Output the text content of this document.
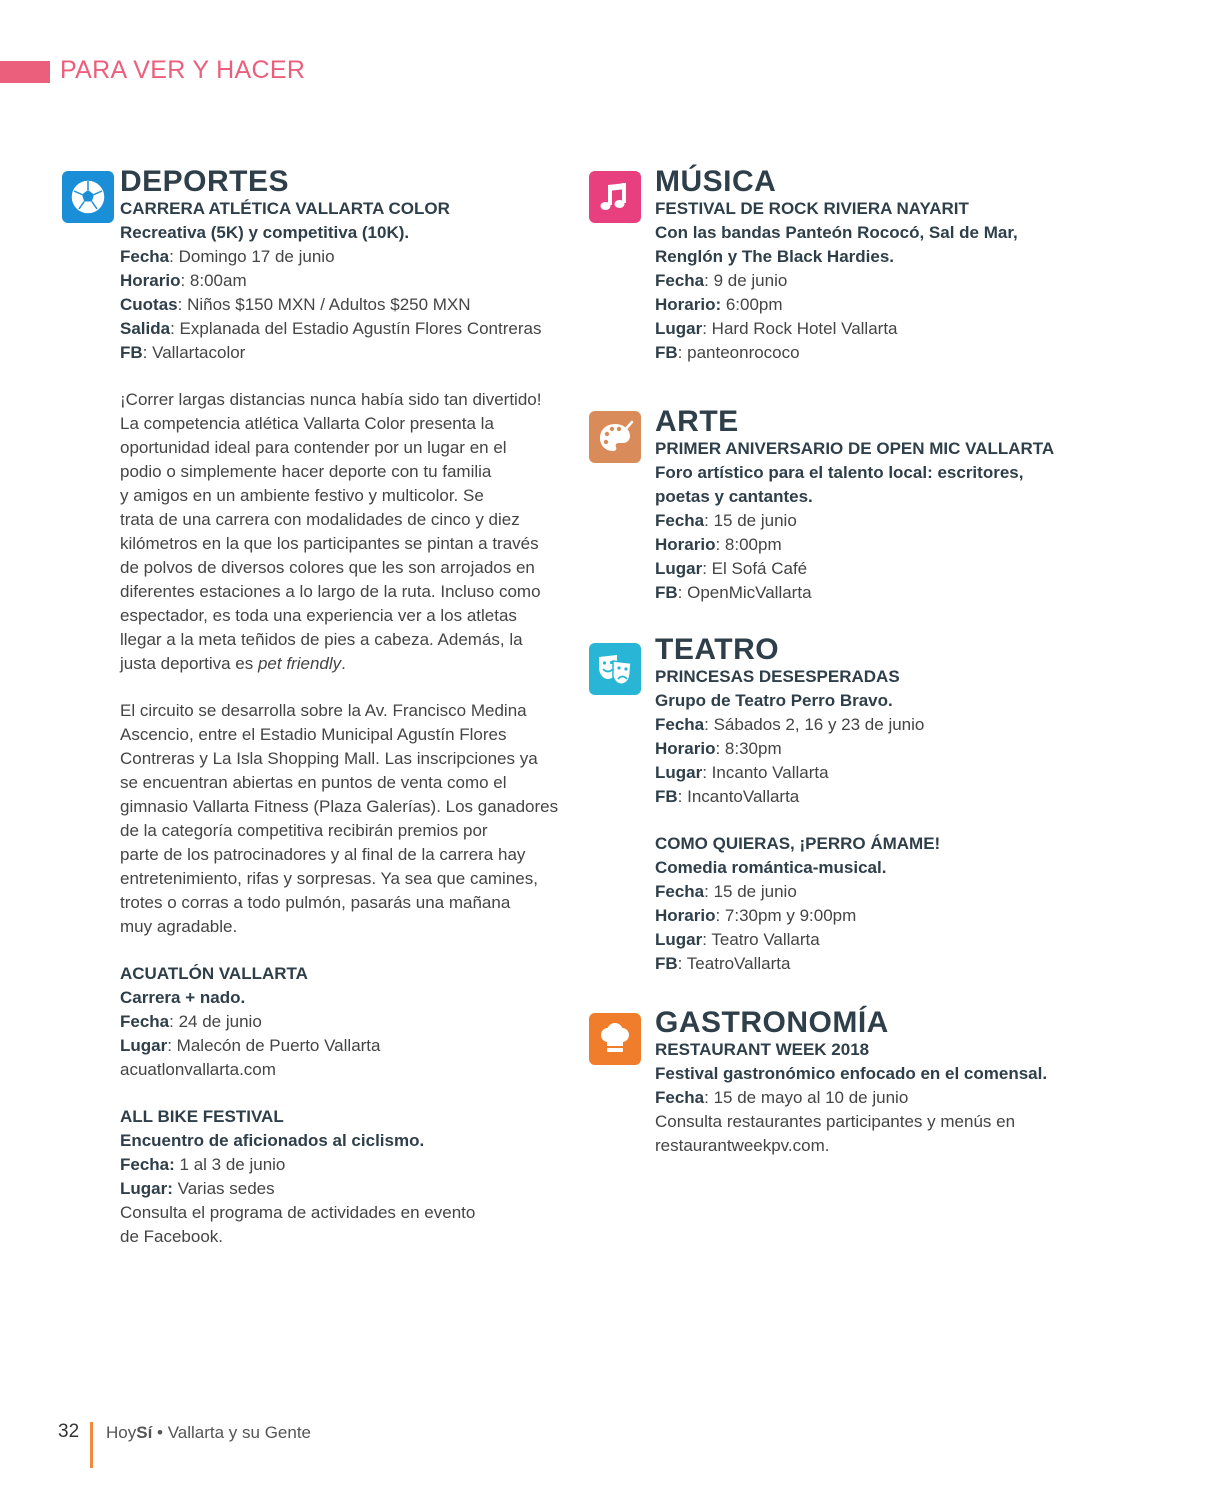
PARA VER Y HACER
DEPORTES
CARRERA ATLÉTICA VALLARTA COLOR
Recreativa (5K) y competitiva (10K).
Fecha: Domingo 17 de junio
Horario: 8:00am
Cuotas: Niños $150 MXN / Adultos $250 MXN
Salida: Explanada del Estadio Agustín Flores Contreras
FB: Vallartacolor
¡Correr largas distancias nunca había sido tan divertido!
La competencia atlética Vallarta Color presenta la
oportunidad ideal para contender por un lugar en el
podio o simplemente hacer deporte con tu familia
y amigos en un ambiente festivo y multicolor. Se
trata de una carrera con modalidades de cinco y diez
kilómetros en la que los participantes se pintan a través
de polvos de diversos colores que les son arrojados en
diferentes estaciones a lo largo de la ruta. Incluso como
espectador, es toda una experiencia ver a los atletas
llegar a la meta teñidos de pies a cabeza. Además, la
justa deportiva es pet friendly.
El circuito se desarrolla sobre la Av. Francisco Medina
Ascencio, entre el Estadio Municipal Agustín Flores
Contreras y La Isla Shopping Mall. Las inscripciones ya
se encuentran abiertas en puntos de venta como el
gimnasio Vallarta Fitness (Plaza Galerías). Los ganadores
de la categoría competitiva recibirán premios por
parte de los patrocinadores y al final de la carrera hay
entretenimiento, rifas y sorpresas. Ya sea que camines,
trotes o corras a todo pulmón, pasarás una mañana
muy agradable.
ACUATLÓN VALLARTA
Carrera + nado.
Fecha: 24 de junio
Lugar: Malecón de Puerto Vallarta
acuatlonvallarta.com
ALL BIKE FESTIVAL
Encuentro de aficionados al ciclismo.
Fecha: 1 al 3 de junio
Lugar: Varias sedes
Consulta el programa de actividades en evento
de Facebook.
MÚSICA
FESTIVAL DE ROCK RIVIERA NAYARIT
Con las bandas Panteón Rococó, Sal de Mar,
Renglón y The Black Hardies.
Fecha: 9 de junio
Horario: 6:00pm
Lugar: Hard Rock Hotel Vallarta
FB: panteonrococo
ARTE
PRIMER ANIVERSARIO DE OPEN MIC VALLARTA
Foro artístico para el talento local: escritores,
poetas y cantantes.
Fecha: 15 de junio
Horario: 8:00pm
Lugar: El Sofá Café
FB: OpenMicVallarta
TEATRO
PRINCESAS DESESPERADAS
Grupo de Teatro Perro Bravo.
Fecha: Sábados 2, 16 y 23 de junio
Horario: 8:30pm
Lugar: Incanto Vallarta
FB: IncantoVallarta
COMO QUIERAS, ¡PERRO ÁMAME!
Comedia romántica-musical.
Fecha: 15 de junio
Horario: 7:30pm y 9:00pm
Lugar: Teatro Vallarta
FB: TeatroVallarta
GASTRONOMÍA
RESTAURANT WEEK 2018
Festival gastronómico enfocado en el comensal.
Fecha: 15 de mayo al 10 de junio
Consulta restaurantes participantes y menús en
restaurantweekpv.com.
32 HoySí • Vallarta y su Gente
